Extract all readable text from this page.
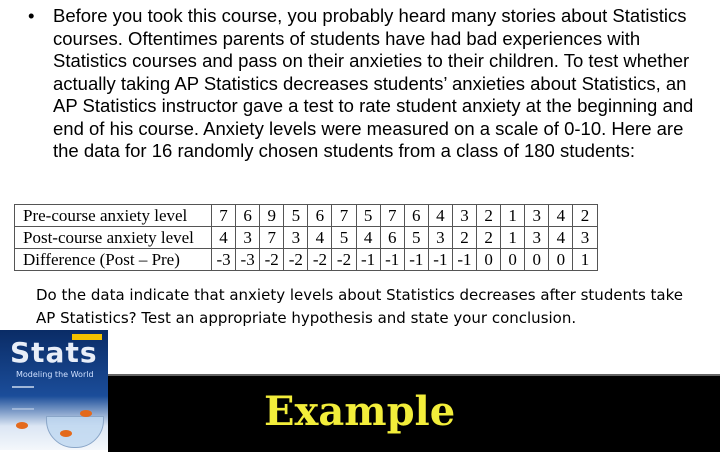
• Before you took this course, you probably heard many stories about Statistics courses. Oftentimes parents of students have had bad experiences with Statistics courses and pass on their anxieties to their children. To test whether actually taking AP Statistics decreases students’ anxieties about Statistics, an AP Statistics instructor gave a test to rate student anxiety at the beginning and end of his course. Anxiety levels were measured on a scale of 0-10. Here are the data for 16 randomly chosen students from a class of 180 students:
Pre-course anxiety level	7	6	9	5	6	7	5	7	6	4	3	2	1	3	4	2
Post-course anxiety level	4	3	7	3	4	5	4	6	5	3	2	2	1	3	4	3
Difference (Post – Pre)	-3	-3	-2	-2	-2	-2	-1	-1	-1	-1	-1	0	0	0	0	1
Do the data indicate that anxiety levels about Statistics decreases after students take AP Statistics? Test an appropriate hypothesis and state your conclusion.
Stats
Modeling the World
Example
